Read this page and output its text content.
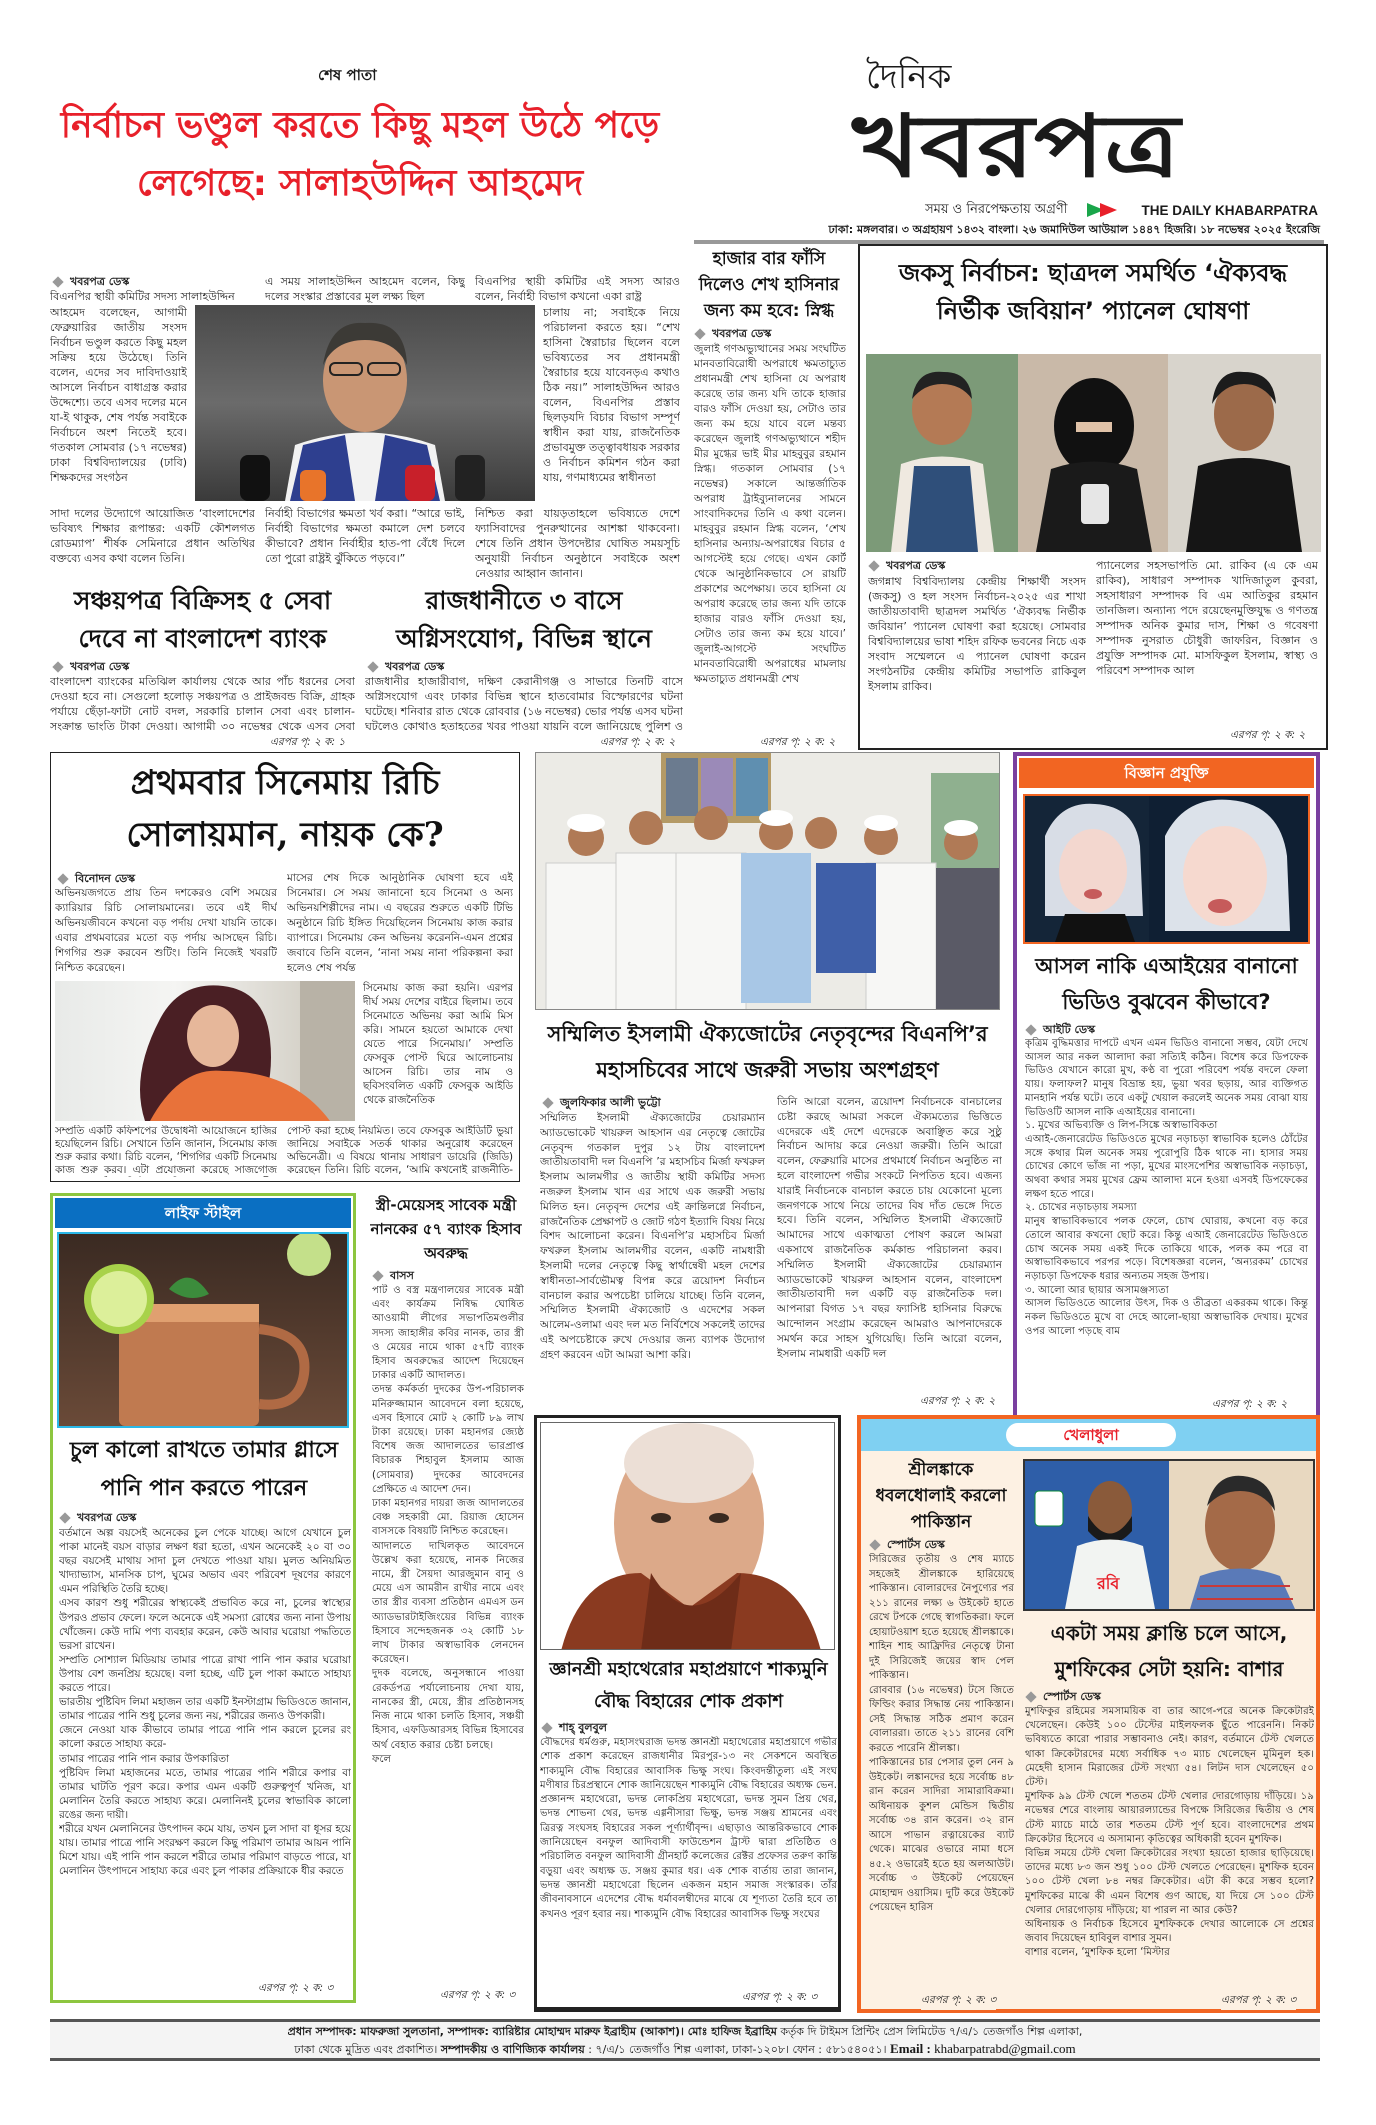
শেষ পাতা
নির্বাচন ভণ্ডুল করতে কিছু মহল উঠে পড়ে
লেগেছে: সালাহউদ্দিন আহমেদ
দৈনিক
খবরপত্র
সময় ও নিরপেক্ষতায় অগ্রণী	THE DAILY KHABARPATRA
ঢাকা: মঙ্গলবার। ৩ অগ্রহায়ণ ১৪৩২ বাংলা। ২৬ জমাদিউল আউয়াল ১৪৪৭ হিজরি। ১৮ নভেম্বর ২০২৫ ইংরেজি
খবরপত্র ডেস্ক
বিএনপির স্থায়ী কমিটির সদস্য সালাহউদ্দিন
আহমেদ বলেছেন, আগামী ফেব্রুয়ারির জাতীয় সংসদ নির্বাচন ভণ্ডুল করতে কিছু মহল সক্রিয় হয়ে উঠেছে। তিনি বলেন, এদের সব দাবিদাওয়াই আসলে নির্বাচন বাধাগ্রস্ত করার উদ্দেশ্যে। তবে এসব দলের মনে যা-ই থাকুক, শেষ পর্যন্ত সবাইকে নির্বাচনে অংশ নিতেই হবে। গতকাল সোমবার (১৭ নভেম্বর) ঢাকা বিশ্ববিদ্যালয়ের (ঢাবি) শিক্ষকদের সংগঠন
সাদা দলের উদ্যোগে আয়োজিত ‘বাংলাদেশের ভবিষ্যৎ শিক্ষার রূপান্তর: একটি কৌশলগত রোডম্যাপ’ শীর্ষক সেমিনারে প্রধান অতিথির বক্তব্যে এসব কথা বলেন তিনি।
এ সময় সালাহউদ্দিন আহমেদ বলেন, কিছু দলের সংস্কার প্রস্তাবের মূল লক্ষ্য ছিল
নির্বাহী বিভাগের ক্ষমতা খর্ব করা। “আরে ভাই, নির্বাহী বিভাগের ক্ষমতা কমালে দেশ চলবে কীভাবে? প্রধান নির্বাহীর হাত-পা বেঁধে দিলে তো পুরো রাষ্ট্রই ঝুঁকিতে পড়বে।”
বিএনপির স্থায়ী কমিটির এই সদস্য আরও বলেন, নির্বাহী বিভাগ কখনো একা রাষ্ট্র
চালায় না; সবাইকে নিয়ে পরিচালনা করতে হয়। “শেখ হাসিনা স্বৈরাচার ছিলেন বলে ভবিষ্যতের সব প্রধানমন্ত্রী স্বৈরাচার হয়ে যাবেনড়এ কথাও ঠিক নয়।” সালাহউদ্দিন আরও বলেন, বিএনপির প্রস্তাব ছিলড়যদি বিচার বিভাগ সম্পূর্ণ স্বাধীন করা যায়, রাজনৈতিক প্রভাবমুক্ত তত্ত্বাবধায়ক সরকার ও নির্বাচন কমিশন গঠন করা যায়, গণমাধ্যমের স্বাধীনতা
নিশ্চিত করা যায়ড়তাহলে ভবিষ্যতে দেশে ফ্যাসিবাদের পুনরুত্থানের আশঙ্কা থাকবেনা। শেষে তিনি প্রধান উপদেষ্টার ঘোষিত সময়সূচি অনুযায়ী নির্বাচন অনুষ্ঠানে সবাইকে অংশ নেওয়ার আহ্বান জানান।
সঞ্চয়পত্র বিক্রিসহ ৫ সেবা দেবে না বাংলাদেশ ব্যাংক
খবরপত্র ডেস্ক
বাংলাদেশ ব্যাংকের মতিঝিল কার্যালয় থেকে আর পাঁচ ধরনের সেবা দেওয়া হবে না। সেগুলো হলোড় সঞ্চয়পত্র ও প্রাইজবন্ড বিক্রি, গ্রাহক পর্যায়ে ছেঁড়া-ফাটা নোট বদল, সরকারি চালান সেবা এবং চালান-সংক্রান্ত ভাংতি টাকা দেওয়া। আগামী ৩০ নভেম্বর থেকে এসব সেবা
এরপর পৃ: ২ ক: ১
রাজধানীতে ৩ বাসে অগ্নিসংযোগ, বিভিন্ন স্থানে
খবরপত্র ডেস্ক
রাজধানীর হাজারীবাগ, দক্ষিণ কেরানীগঞ্জ ও সাভারে তিনটি বাসে অগ্নিসংযোগ এবং ঢাকার বিভিন্ন স্থানে হাতবোমার বিস্ফোরণের ঘটনা ঘটেছে। শনিবার রাত থেকে রোববার (১৬ নভেম্বর) ভোর পর্যন্ত এসব ঘটনা ঘটলেও কোথাও হতাহতের খবর পাওয়া যায়নি বলে জানিয়েছে পুলিশ ও
এরপর পৃ: ২ ক: ২
হাজার বার ফাঁসি দিলেও শেখ হাসিনার জন্য কম হবে: স্নিগ্ধ
খবরপত্র ডেস্ক
জুলাই গণঅভ্যুত্থানের সময় সংঘটিত মানবতাবিরোধী অপরাধে ক্ষমতাচ্যুত প্রধানমন্ত্রী শেখ হাসিনা যে অপরাধ করেছে তার জন্য যদি তাকে হাজার বারও ফাঁসি দেওয়া হয়, সেটাও তার জন্য কম হয়ে যাবে বলে মন্তব্য করেছেন জুলাই গণঅভ্যুত্থানে শহীদ মীর মুগ্ধের ভাই মীর মাহবুবুর রহমান স্নিগ্ধ। গতকাল সোমবার (১৭ নভেম্বর) সকালে আন্তর্জাতিক অপরাধ ট্রাইব্যুনালনের সামনে সাংবাদিকদের তিনি এ কথা বলেন। মাহবুবুর রহমান স্নিগ্ধ বলেন, ‘শেখ হাসিনার অন্যায়-অপরাধের বিচার ৫ আগস্টেই হয়ে গেছে। এখন কোর্ট থেকে আনুষ্ঠানিকভাবে সে রায়টি প্রকাশের অপেক্ষায়। তবে হাসিনা যে অপরাধ করেছে তার জন্য যদি তাকে হাজার বারও ফাঁসি দেওয়া হয়, সেটাও তার জন্য কম হয়ে যাবে।’ জুলাই-আগস্টে সংঘটিত মানবতাবিরোধী অপরাধের মামলায় ক্ষমতাচ্যুত প্রধানমন্ত্রী শেখ
এরপর পৃ: ২ ক: ২
জকসু নির্বাচন: ছাত্রদল সমর্থিত ‘ঐক্যবদ্ধ নির্ভীক জবিয়ান’ প্যানেল ঘোষণা
খবরপত্র ডেস্ক
জগন্নাথ বিশ্ববিদ্যালয় কেন্দ্রীয় শিক্ষার্থী সংসদ (জকসু) ও হল সংসদ নির্বাচন-২০২৫ এর শাখা জাতীয়তাবাদী ছাত্রদল সমর্থিত ‘ঐক্যবদ্ধ নির্ভীক জবিয়ান’ প্যানেল ঘোষণা করা হয়েছে। সোমবার বিশ্ববিদ্যালয়ের ভাষা শহিদ রফিক ভবনের নিচে এক সংবাদ সম্মেলনে এ প্যানেল ঘোষণা করেন সংগঠনটির কেন্দ্রীয় কমিটির সভাপতি রাকিবুল ইসলাম রাকিব।
প্যানেলের সহসভাপতি মো. রাকিব (এ কে এম রাকিব), সাধারণ সম্পাদক খাদিজাতুল কুবরা, সহসাধারণ সম্পাদক বি এম আতিকুর রহমান তানজিল। অন্যান্য পদে রয়েছেনমুক্তিযুদ্ধ ও গণতন্ত্র সম্পাদক অনিক কুমার দাস, শিক্ষা ও গবেষণা সম্পাদক নুসরাত চৌধুরী জাফরিন, বিজ্ঞান ও প্রযুক্তি সম্পাদক মো. মাসফিকুল ইসলাম, স্বাস্থ্য ও পরিবেশ সম্পাদক আল
এরপর পৃ: ২ ক: ২
প্রথমবার সিনেমায় রিচি সোলায়মান, নায়ক কে?
বিনোদন ডেস্ক
অভিনয়জগতে প্রায় তিন দশকেরও বেশি সময়ের ক্যারিয়ার রিচি সোলায়মানের। তবে এই দীর্ঘ অভিনয়জীবনে কখনো বড় পর্দায় দেখা যায়নি তাকে। এবার প্রথমবারের মতো বড় পর্দায় আসছেন রিচি। শিগগির শুরু করবেন শুটিং। তিনি নিজেই খবরটি নিশ্চিত করেছেন।
মাসের শেষ দিকে আনুষ্ঠানিক ঘোষণা হবে এই সিনেমার। সে সময় জানানো হবে সিনেমা ও অন্য অভিনয়শিল্পীদের নাম। এ বছরের শুরুতে একটি টিভি অনুষ্ঠানে রিচি ইঙ্গিত দিয়েছিলেন সিনেমায় কাজ করার ব্যাপারে। সিনেমায় কেন অভিনয় করেননি-এমন প্রশ্নের জবাবে তিনি বলেন, ‘নানা সময় নানা পরিকল্পনা করা হলেও শেষ পর্যন্ত
সিনেমায় কাজ করা হয়নি। এরপর দীর্ঘ সময় দেশের বাইরে ছিলাম। তবে সিনেমাতে অভিনয় করা আমি মিস করি। সামনে হয়তো আমাকে দেখা যেতে পারে সিনেমায়।’ সম্প্রতি ফেসবুক পোস্ট ঘিরে আলোচনায় আসেন রিচি। তার নাম ও ছবিসংবলিত একটি ফেসবুক আইডি থেকে রাজনৈতিক
সম্প্রতি একটি কফিশপের উদ্বোধনী আয়োজনে হাজির হয়েছিলেন রিচি। সেখানে তিনি জানান, সিনেমায় কাজ শুরু করার কথা। রিচি বলেন, ‘শিগগির একটি সিনেমায় কাজ শুরু করব। এটা প্রযোজনা করেছে সাজগোজ
পোস্ট করা হচ্ছে নিয়মিত। তবে ফেসবুক আইডিটি ভুয়া জানিয়ে সবাইকে সতর্ক থাকার অনুরোধ করেছেন অভিনেত্রী। এ বিষয়ে থানায় সাধারণ ডায়েরি (জিডি) করেছেন তিনি। রিচি বলেন, ‘আমি কখনোই রাজনীতি-
সম্মিলিত ইসলামী ঐক্যজোটের নেতৃবৃন্দের বিএনপি’র মহাসচিবের সাথে জরুরী সভায় অংশগ্রহণ
জুলফিকার আলী ভুট্টো
সম্মিলিত ইসলামী ঐক্যজোটের চেয়ারম্যান অ্যাডভোকেট খায়রুল আহসান এর নেতৃত্বে জোটের নেতৃবৃন্দ গতকাল দুপুর ১২ টায় বাংলাদেশ জাতীয়তাবাদী দল বিএনপি ’র মহাসচিব মির্জা ফখরুল ইসলাম আলমগীর ও জাতীয় স্থায়ী কমিটির সদস্য নজরুল ইসলাম খান এর সাথে এক জরুরী সভায় মিলিত হন। নেতৃবৃন্দ দেশের এই ক্রান্তিলগ্নে নির্বাচন, রাজনৈতিক প্রেক্ষাপট ও জোট গঠণ ইত্যাদি বিষয় নিয়ে বিশদ আলোচনা করেন। বিএনপি’র মহাসচিব মির্জা ফখরুল ইসলাম আলমগীর বলেন, একটি নামধারী ইসলামী দলের নেতৃত্বে কিছু স্বার্থান্বেষী মহল দেশের স্বাধীনতা-সার্বভৌমত্ব বিপন্ন করে ত্রয়োদশ নির্বাচন বানচাল করার অপচেষ্টা চালিয়ে যাচ্ছে। তিনি বলেন, সম্মিলিত ইসলামী ঐক্যজোট ও এদেশের সকল আলেম-ওলামা এবং দল মত নির্বিশেষে সকলেই তাদের এই অপচেষ্টাকে রুখে দেওয়ার জন্য ব্যাপক উদ্যোগ গ্রহণ করবেন এটা আমরা আশা করি।
তিনি আরো বলেন, ত্রয়োদশ নির্বাচনকে বানচালের চেষ্টা করছে আমরা সকলে ঐক্যমত্যের ভিত্তিতে এদেরকে এই দেশে এদেরকে অবাঞ্ছিত করে সুষ্ঠু নির্বাচন আদায় করে নেওয়া জরুরী। তিনি আরো বলেন, ফেব্রুয়ারি মাসের প্রথমার্ধে নির্বাচন অনুষ্ঠিত না হলে বাংলাদেশ গভীর সংকটে নিপতিত হবে। এজন্য যারাই নির্বাচনকে বানচাল করতে চায় যেকোনো মূল্যে জনগণকে সাথে নিয়ে তাদের বিষ দাঁত ভেঙ্গে দিতে হবে। তিনি বলেন, সম্মিলিত ইসলামী ঐক্যজোট আমাদের সাথে একাত্মতা পোষণ করলে আমরা একসাথে রাজনৈতিক কর্মকান্ড পরিচালনা করব। সম্মিলিত ইসলামী ঐক্যজোটের চেয়ারম্যান অ্যাডভোকেট খায়রুল আহসান বলেন, বাংলাদেশ জাতীয়তাবাদী দল একটি বড় রাজনৈতিক দল। আপনারা বিগত ১৭ বছর ফ্যাসিষ্ট হাসিনার বিরুদ্ধে আন্দোলন সংগ্রাম করেছেন আমরাও আপনাদেরকে সমর্থন করে সাহস যুগিয়েছি। তিনি আরো বলেন, ইসলাম নামধারী একটি দল
এরপর পৃ: ২ ক: ২
বিজ্ঞান প্রযুক্তি
আসল নাকি এআইয়ের বানানো ভিডিও বুঝবেন কীভাবে?
আইটি ডেস্ক
কৃত্রিম বুদ্ধিমত্তার দাপটে এখন এমন ভিডিও বানানো সম্ভব, যেটা দেখে আসল আর নকল আলাদা করা সত্যিই কঠিন। বিশেষ করে ডিপফেক ভিডিও যেখানে কারো মুখ, কণ্ঠ বা পুরো পরিবেশ পর্যন্ত বদলে ফেলা যায়। ফলাফল? মানুষ বিভ্রান্ত হয়, ভুয়া খবর ছড়ায়, আর ব্যক্তিগত মানহানি পর্যন্ত ঘটে। তবে একটু খেয়াল করলেই অনেক সময় বোঝা যায় ভিডিওটি আসল নাকি এআইয়ের বানানো।
১. মুখের অভিব্যক্তি ও লিপ-সিঙ্কে অস্বাভাবিকতা
এআই-জেনারেটেড ভিডিওতে মুখের নড়াচড়া স্বাভাবিক হলেও ঠোঁটের সঙ্গে কথার মিল অনেক সময় পুরোপুরি ঠিক থাকে না। হাসার সময় চোখের কোণে ভাঁজ না পড়া, মুখের মাংসপেশির অস্বাভাবিক নড়াচড়া, অথবা কথার সময় মুখের ফ্রেম আলাদা মনে হওয়া এসবই ডিপফেকের লক্ষণ হতে পারে।
২. চোখের নড়াচড়ায় সমস্যা
মানুষ স্বাভাবিকভাবে পলক ফেলে, চোখ ঘোরায়, কখনো বড় করে তোলে আবার কখনো ছোট করে। কিন্তু এআই জেনারেটেড ভিডিওতে চোখ অনেক সময় একই দিকে তাকিয়ে থাকে, পলক কম পরে বা অস্বাভাবিকভাবে পরপর পড়ে। বিশেষজ্ঞরা বলেন, ‘অন্যরকম’ চোখের নড়াচড়া ডিপফেক ধরার অন্যতম সহজ উপায়।
৩. আলো আর ছায়ার অসামঞ্জস্যতা
আসল ভিডিওতে আলোর উৎস, দিক ও তীব্রতা একরকম থাকে। কিন্তু নকল ভিডিওতে মুখে বা দেহে আলো-ছায়া অস্বাভাবিক দেখায়। মুখের ওপর আলো পড়ছে বাম
এরপর পৃ: ২ ক: ২
লাইফ স্টাইল
চুল কালো রাখতে তামার গ্লাসে পানি পান করতে পারেন
খবরপত্র ডেস্ক
বর্তমানে অল্প বয়সেই অনেকের চুল পেকে যাচ্ছে। আগে যেখানে চুল পাকা মানেই বয়স বাড়ার লক্ষণ ধরা হতো, এখন অনেকেই ২০ বা ৩০ বছর বয়সেই মাথায় সাদা চুল দেখতে পাওয়া যায়। মুলত অনিয়মিত খাদ্যাভ্যাস, মানসিক চাপ, ঘুমের অভাব এবং পরিবেশ দূষণের কারণে এমন পরিস্থিতি তৈরি হচ্ছে।
এসব কারণ শুধু শরীরের স্বাস্থ্যকেই প্রভাবিত করে না, চুলের স্বাস্থ্যের উপরও প্রভাব ফেলে। ফলে অনেকে এই সমস্যা রোধের জন্য নানা উপায় খোঁজেন। কেউ দামি পণ্য ব্যবহার করেন, কেউ আবার ঘরোয়া পদ্ধতিতে ভরসা রাখেন।
সম্প্রতি সোশ্যাল মিডিয়ায় তামার পাত্রে রাখা পানি পান করার ঘরোয়া উপায় বেশ জনপ্রিয় হয়েছে। বলা হচ্ছে, এটি চুল পাকা কমাতে সাহায্য করতে পারে।
ভারতীয় পুষ্টিবিদ লিমা মহাজন তার একটি ইনস্টাগ্রাম ভিডিওতে জানান, তামার পাত্রের পানি শুধু চুলের জন্য নয়, শরীরের জন্যও উপকারী।
জেনে নেওয়া যাক কীভাবে তামার পাত্রে পানি পান করলে চুলের রং কালো করতে সাহায্য করে-
তামার পাত্রের পানি পান করার উপকারিতা
পুষ্টিবিদ লিমা মহাজনের মতে, তামার পাত্রের পানি শরীরে কপার বা তামার ঘাটতি পূরণ করে। কপার এমন একটি গুরুত্বপূর্ণ খনিজ, যা মেলানিন তৈরি করতে সাহায্য করে। মেলানিনই চুলের স্বাভাবিক কালো রঙের জন্য দায়ী।
শরীরে যখন মেলানিনের উৎপাদন কমে যায়, তখন চুল সাদা বা ধূসর হয়ে যায়। তামার পাত্রে পানি সংরক্ষণ করলে কিছু পরিমাণ তামার আয়ন পানি মিশে যায়। এই পানি পান করলে শরীরে তামার পরিমাণ বাড়তে পারে, যা মেলানিন উৎপাদনে সাহায্য করে এবং চুল পাকার প্রক্রিয়াকে ধীর করতে
এরপর পৃ: ২ ক: ৩
স্ত্রী-মেয়েসহ সাবেক মন্ত্রী নানকের ৫৭ ব্যাংক হিসাব অবরুদ্ধ
বাসস
পাট ও বস্ত্র মন্ত্রণালয়ের সাবেক মন্ত্রী এবং কার্যক্রম নিষিদ্ধ ঘোষিত আওয়ামী লীগের সভাপতিমণ্ডলীর সদস্য জাহাঙ্গীর কবির নানক, তার স্ত্রী ও মেয়ের নামে থাকা ৫৭টি ব্যাংক হিসাব অবরুদ্ধের আদেশ দিয়েছেন ঢাকার একটি আদালত।
তদন্ত কর্মকর্তা দুদকের উপ-পরিচালক মনিরুজ্জামান আবেদনে বলা হয়েছে, এসব হিসাবে মোট ২ কোটি ৮৯ লাখ টাকা রয়েছে। ঢাকা মহানগর জ্যেষ্ঠ বিশেষ জজ আদালতের ভারপ্রাপ্ত বিচারক শিহাবুল ইসলাম আজ (সোমবার) দুদকের আবেদনের প্রেক্ষিতে এ আদেশ দেন।
ঢাকা মহানগর দায়রা জজ আদালতের বেঞ্চ সহকারী মো. রিয়াজ হোসেন বাসসকে বিষয়টি নিশ্চিত করেছেন।
আদালতে দাখিলকৃত আবেদনে উল্লেখ করা হয়েছে, নানক নিজের নামে, স্ত্রী সৈয়দা আরজুমান বানু ও মেয়ে এস আমরীন রাখীর নামে এবং তার স্ত্রীর ব্যবসা প্রতিষ্ঠান এমএস ডন অ্যাডভারটাইজিংয়ের বিভিন্ন ব্যাংক হিসাবে সন্দেহজনক ৩২ কোটি ১৮ লাখ টাকার অস্বাভাবিক লেনদেন করেছেন।
দুদক বলেছে, অনুসন্ধানে পাওয়া রেকর্ডপত্র পর্যালোচনায় দেখা যায়, নানকের স্ত্রী, মেয়ে, স্ত্রীর প্রতিষ্ঠানসহ নিজ নামে থাকা চলতি হিসাব, সঞ্চয়ী হিসাব, এফডিআরসহ বিভিন্ন হিসাবের অর্থ বেহাত করার চেষ্টা চলছে।
ফলে
এরপর পৃ: ২ ক: ৩
জ্ঞানশ্রী মহাথেরোর মহাপ্রয়াণে শাক্যমুনি বৌদ্ধ বিহারের শোক প্রকাশ
শাহ্ বুলবুল
বৌদ্ধদের ধর্মগুরু, মহাসংঘরাজ ভদন্ত জ্ঞানশ্রী মহাথেরোর মহাপ্রয়াণে গভীর শোক প্রকাশ করেছেন রাজধানীর মিরপুর-১৩ নং সেকশনে অবস্থিত শাক্যমুনি বৌদ্ধ বিহারের আবাসিক ভিক্ষু সংঘ। কিংবদন্তীতুল্য এই সংঘ মণীষার চিরপ্রস্থানে শোক জানিয়েছেন শাক্যমুনি বৌদ্ধ বিহারের অধ্যক্ষ ভেন. প্রজ্ঞানন্দ মহাথেরো, ভদন্ত লোকপ্রিয় মহাথেরো, ভদন্ত সুমন প্রিয় থের, ভদন্ত শোভনা থের, ভদন্ত এগ্গনীসারা ভিক্ষু, ভদন্ত সঞ্জয় শ্রামনের এবং ত্রিরত্ন সংঘসহ বিহারের সকল পূর্ণ্যার্থীবৃন্দ। এছাড়াও আন্তরিকভাবে শোক জানিয়েছেন বনফুল আদিবাসী ফাউন্ডেশন ট্রাস্ট দ্বারা প্রতিষ্ঠিত ও পরিচালিত বনফুল আদিবাসী গ্রীনহার্ট কলেজের রেক্টর প্রফেসর তরুণ কান্তি বড়ুয়া এবং অধ্যক্ষ ড. সঞ্জয় কুমার ধর। এক শোক বার্তায় তারা জানান, ভদন্ত জ্ঞানশ্রী মহাথেরো ছিলেন একজন মহান সমাজ সংস্কারক। তাঁর জীবনাবসানে এদেশের বৌদ্ধ ধর্মাবলম্বীদের মাঝে যে শূণ্যতা তৈরি হবে তা কখনও পূরণ হবার নয়। শাক্যমুনি বৌদ্ধ বিহারের আবাসিক ভিক্ষু সংঘের
এরপর পৃ: ২ ক: ৩
খেলাধুলা
শ্রীলঙ্কাকে ধবলধোলাই করলো পাকিস্তান
স্পোর্টস ডেস্ক
সিরিজের তৃতীয় ও শেষ ম্যাচে সহজেই শ্রীলঙ্কাকে হারিয়েছে পাকিস্তান। বোলারদের নৈপুণ্যের পর ২১১ রানের লক্ষ্য ৬ উইকেট হাতে রেখে টপকে গেছে স্বাগতিকরা। ফলে হোয়াটওয়াশ হতে হয়েছে শ্রীলঙ্কাকে। শাহিন শাহ আফ্রিদির নেতৃত্বে টানা দুই সিরিজেই জয়ের স্বাদ পেল পাকিস্তান।
রোববার (১৬ নভেম্বর) টসে জিতে ফিল্ডিং করার সিদ্ধান্ত নেয় পাকিস্তান। সেই সিদ্ধান্ত সঠিক প্রমাণ করেন বোলাররা। তাতে ২১১ রানের বেশি করতে পারেনি শ্রীলঙ্কা।
পাকিস্তানের চার পেসার তুল নেন ৯ উইকেট। লঙ্কানদের হয়ে সর্বোচ্চ ৪৮ রান করেন সাদিরা সামারাবিক্রমা। অধিনায়ক কুশল মেন্ডিস দ্বিতীয় সর্বোচ্চ ৩৪ রান করেন। ৩২ রান আসে পাভান রত্নায়েকের ব্যাট থেকে। মাঝের ওভারে নামা ধসে ৪৫.২ ওভারেই হতে হয় অলআউট। সর্বোচ্চ ৩ উইকেট পেয়েছেন মোহাম্মদ ওয়াসিম। দুটি করে উইকেট পেয়েছেন হারিস
এরপর পৃ: ২ ক: ৩
রবি
একটা সময় ক্লান্তি চলে আসে, মুশফিকের সেটা হয়নি: বাশার
স্পোর্টস ডেস্ক
মুশফিকুর রহিমের সমসাময়িক বা তার আগে-পরে অনেক ক্রিকেটারই খেলেছেন। কেউই ১০০ টেস্টের মাইলফলক ছুঁতে পারেননি। নিকট ভবিষ্যতে কারো পারার সম্ভাবনাও নেই। কারণ, বর্তমানে টেস্ট খেলতে থাকা ক্রিকেটারদের মধ্যে সর্বাধিক ৭৩ ম্যাচ খেলেছেন মুমিনুল হক। মেহেদী হাসান মিরাজের টেস্ট সংখ্যা ৫৪। লিটন দাস খেলেছেন ৫০ টেস্ট।
মুশফিক ৯৯ টেস্ট খেলে শততম টেস্ট খেলার দোরগোড়ায় দাঁড়িয়ে। ১৯ নভেম্বর শেরে বাংলায় আয়ারল্যান্ডের বিপক্ষে সিরিজের দ্বিতীয় ও শেষ টেস্ট ম্যাচে মাঠে তার শততম টেস্ট পূর্ণ হবে। বাংলাদেশের প্রথম ক্রিকেটার হিসেবে এ অসামান্য কৃতিত্বের অধিকারী হবেন মুশফিক।
বিভিন্ন সময়ে টেস্ট খেলা ক্রিকেটারের সংখ্যা হয়তো হাজার ছাড়িয়েছে। তাদের মধ্যে ৮৩ জন শুধু ১০০ টেস্ট খেলতে পেরেছেন। মুশফিক হবেন ১০০ টেস্ট খেলা ৮৪ নম্বর ক্রিকেটার। এটা কী করে সম্ভব হলো? মুশফিকের মাঝে কী এমন বিশেষ গুণ আছে, যা দিয়ে সে ১০০ টেস্ট খেলার দোরগোড়ায় দাঁড়িয়ে; যা পারল না আর কেউ?
অধিনায়ক ও নির্বাচক হিসেবে মুশফিককে দেখার আলোকে সে প্রশ্নের জবাব দিয়েছেন হাবিবুল বাশার সুমন।
বাশার বলেন, ‘মুশফিক হলো ‘মিস্টার
এরপর পৃ: ২ ক: ৩
প্রধান সম্পাদক: মাফরুজা সুলতানা, সম্পাদক: ব্যারিষ্টার মোহাম্মদ মারুফ ইব্রাহীম (আকাশ)। মোঃ হাফিজ ইব্রাহিম কর্তৃক দি টাইমস প্রিন্টিং প্রেস লিমিটেড ৭/এ/১ তেজগাঁও শিল্প এলাকা,
ঢাকা থেকে মুদ্রিত এবং প্রকাশিত। সম্পাদকীয় ও বাণিজ্যিক কার্যালয় : ৭/এ/১ তেজগাঁও শিল্প এলাকা, ঢাকা-১২০৮। ফোন : ৫৮১৫৪০৫১। Email : khabarpatrabd@gmail.com
